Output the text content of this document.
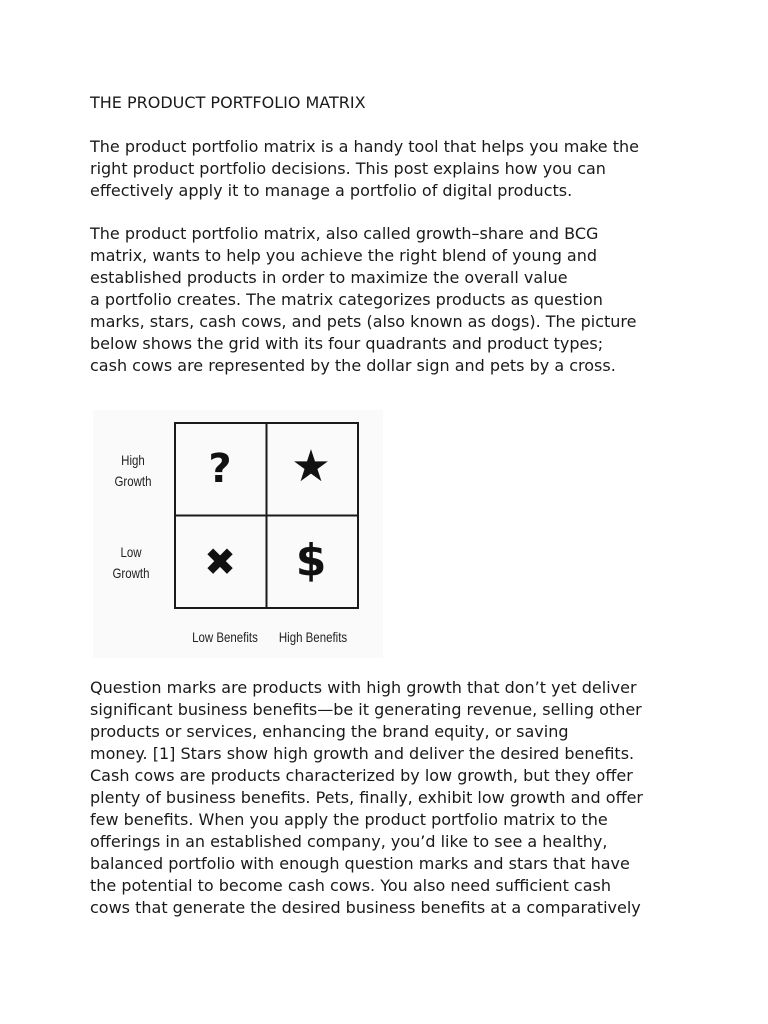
THE PRODUCT PORTFOLIO MATRIX

The product portfolio matrix is a handy tool that helps you make the
right product portfolio decisions. This post explains how you can
effectively apply it to manage a portfolio of digital products.

The product portfolio matrix, also called growth–share and BCG
matrix, wants to help you achieve the right blend of young and
established products in order to maximize the overall value
a portfolio creates. The matrix categorizes products as question
marks, stars, cash cows, and pets (also known as dogs). The picture
below shows the grid with its four quadrants and product types;
cash cows are represented by the dollar sign and pets by a cross.

High
Growth
Low
Growth
Low Benefits	High Benefits
?	★
✖	$

Question marks are products with high growth that don’t yet deliver
significant business benefits—be it generating revenue, selling other
products or services, enhancing the brand equity, or saving
money. [1] Stars show high growth and deliver the desired benefits.
Cash cows are products characterized by low growth, but they offer
plenty of business benefits. Pets, finally, exhibit low growth and offer
few benefits. When you apply the product portfolio matrix to the
offerings in an established company, you’d like to see a healthy,
balanced portfolio with enough question marks and stars that have
the potential to become cash cows. You also need sufficient cash
cows that generate the desired business benefits at a comparatively
